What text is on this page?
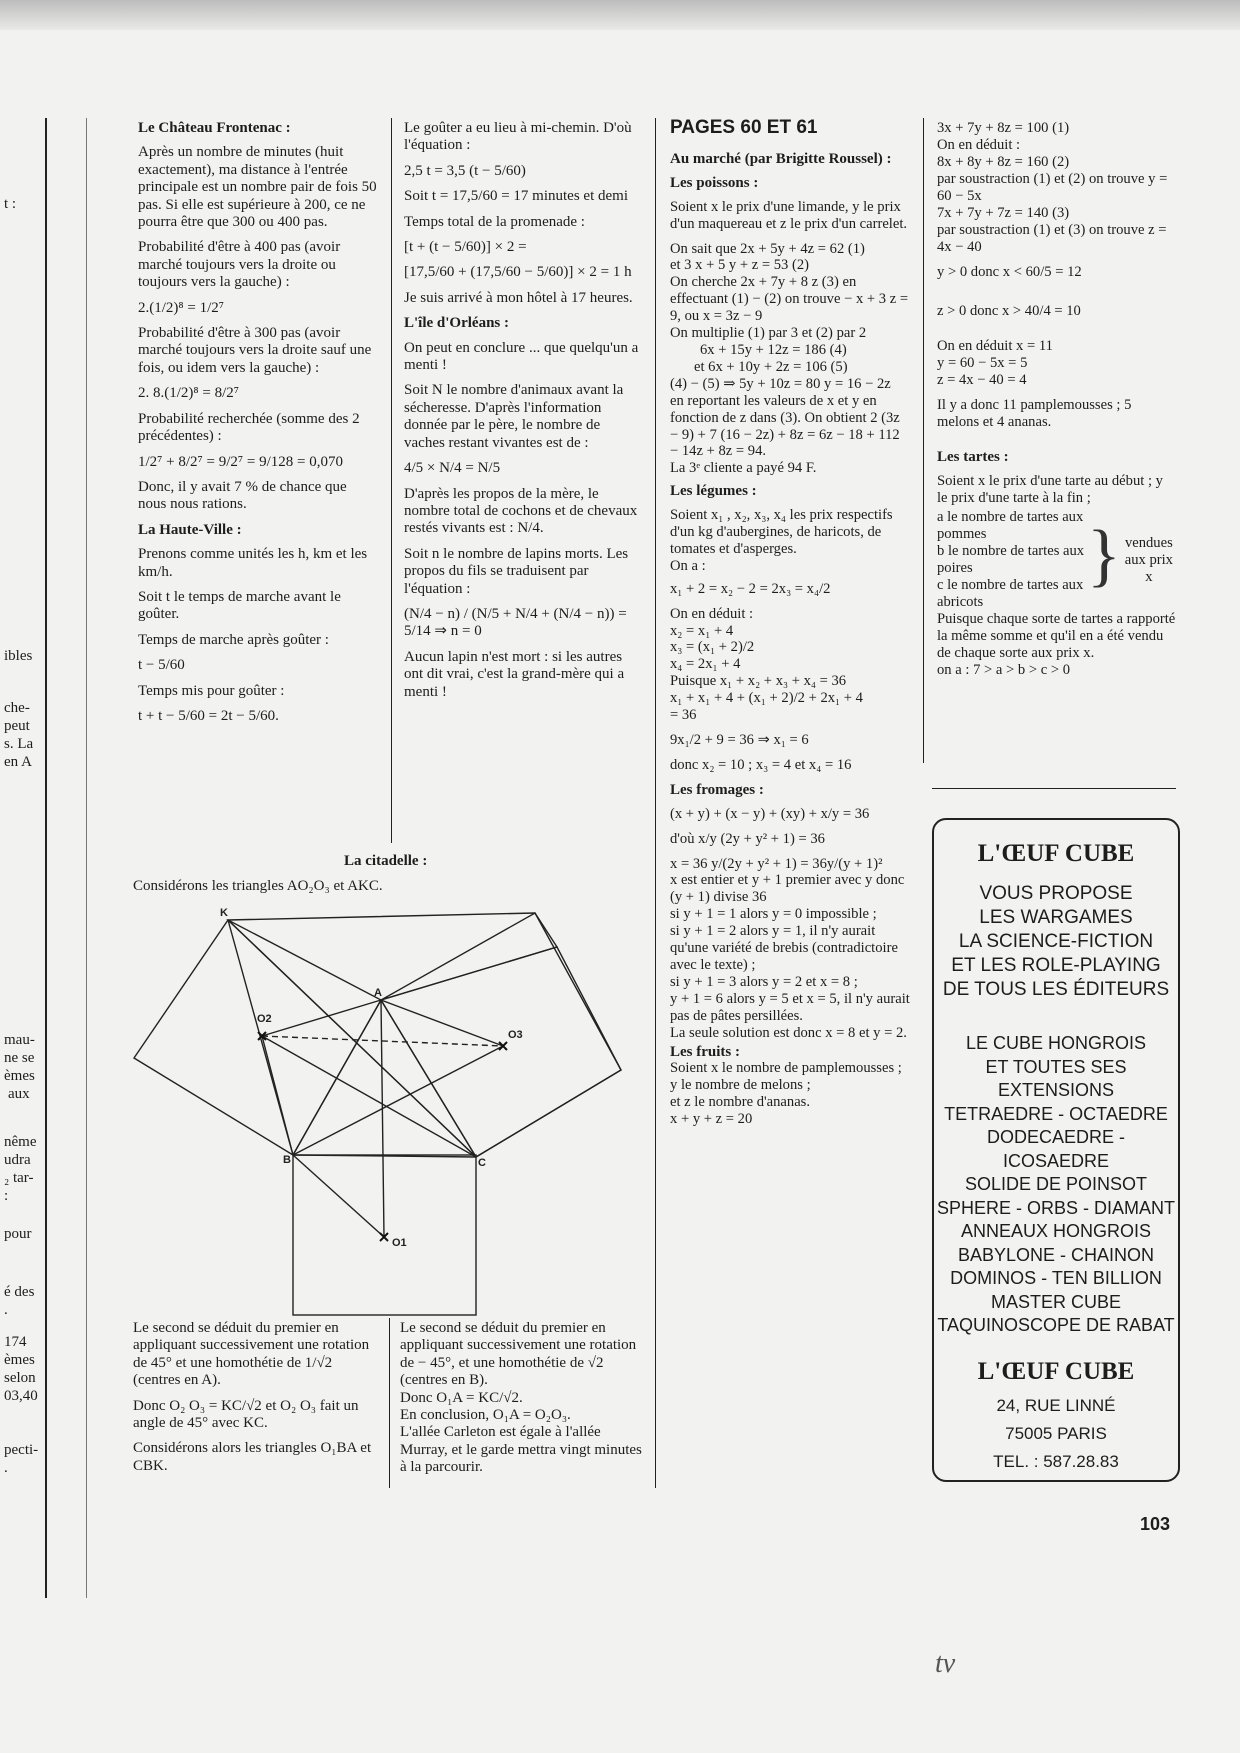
t :
ibles
che-
peut
s. La
en A
mau-
ne se
èmes
aux
nême
udra
₂ tar-
:
pour
é des
.
174
èmes
selon
03,40
pecti-
.
Le Château Frontenac :

Après un nombre de minutes (huit exactement), ma distance à l'entrée principale est un nombre pair de fois 50 pas. Si elle est supérieure à 200, ce ne pourra être que 300 ou 400 pas.

Probabilité d'être à 400 pas (avoir marché toujours vers la droite ou toujours vers la gauche) :

2.(1/2)⁸ = 1/2⁷

Probabilité d'être à 300 pas (avoir marché toujours vers la droite sauf une fois, ou idem vers la gauche) :

2. 8.(1/2)⁸ = 8/2⁷

Probabilité recherchée (somme des 2 précédentes) :

1/2⁷ + 8/2⁷ = 9/2⁷ = 9/128 = 0,070

Donc, il y avait 7 % de chance que nous nous rations.

La Haute-Ville :

Prenons comme unités les h, km et les km/h.

Soit t le temps de marche avant le goûter.

Temps de marche après goûter :

t − 5/60

Temps mis pour goûter :

t + t − 5/60 = 2t − 5/60.

Le goûter a eu lieu à mi-chemin. D'où l'équation :

2,5 t = 3,5 (t − 5/60)

Soit t = 17,5/60 = 17 minutes et demi

Temps total de la promenade :

[t + (t − 5/60)] × 2 =

[17,5/60 + (17,5/60 − 5/60)] × 2 = 1 h

Je suis arrivé à mon hôtel à 17 heures.

L'île d'Orléans :

On peut en conclure ... que quelqu'un a menti !

Soit N le nombre d'animaux avant la sécheresse. D'après l'information donnée par le père, le nombre de vaches restant vivantes est de :

4/5 × N/4 = N/5

D'après les propos de la mère, le nombre total de cochons et de chevaux restés vivants est : N/4.

Soit n le nombre de lapins morts. Les propos du fils se traduisent par l'équation :

(N/4 − n) / (N/5 + N/4 + (N/4 − n)) = 5/14 ⇒ n = 0

Aucun lapin n'est mort : si les autres ont dit vrai, c'est la grand-mère qui a menti !

La citadelle :
Considérons les triangles AO₂O₃ et AKC.
K
A
O2
O3
B	C
O1

Le second se déduit du premier en appliquant successivement une rotation de 45° et une homothétie de 1/√2 (centres en A).

Donc O₂ O₃ = KC/√2 et O₂ O₃ fait un angle de 45° avec KC.

Considérons alors les triangles O₁BA et CBK.

Le second se déduit du premier en appliquant successivement une rotation de − 45°, et une homothétie de √2 (centres en B).

Donc O₁A = KC/√2.

En conclusion, O₁A = O₂O₃.

L'allée Carleton est égale à l'allée Murray, et le garde mettra vingt minutes à la parcourir.

PAGES 60 ET 61
Au marché (par Brigitte Roussel) :
Les poissons :

Soient x le prix d'une limande, y le prix d'un maquereau et z le prix d'un carrelet.

On sait que 2x + 5y + 4z = 62 (1)

et 3 x + 5 y + z = 53 (2)

On cherche 2x + 7y + 8 z (3) en effectuant (1) − (2) on trouve − x + 3 z = 9, ou x = 3z − 9

On multiplie (1) par 3 et (2) par 2

6x + 15y + 12z = 186 (4)

et 6x + 10y + 2z = 106 (5)

(4) − (5) ⇒ 5y + 10z = 80 y = 16 − 2z

en reportant les valeurs de x et y en fonction de z dans (3). On obtient 2 (3z − 9) + 7 (16 − 2z) + 8z = 6z − 18 + 112 − 14z + 8z = 94.

La 3ᵉ cliente a payé 94 F.

Les légumes :

Soient x₁ , x₂, x₃, x₄ les prix respectifs d'un kg d'aubergines, de haricots, de tomates et d'asperges.

On a :

x₁ + 2 = x₂ − 2 = 2x₃ = x₄/2

On en déduit :

x₂ = x₁ + 4

x₃ = (x₁ + 2)/2

x₄ = 2x₁ + 4

Puisque x₁ + x₂ + x₃ + x₄ = 36

x₁ + x₁ + 4 + (x₁ + 2)/2 + 2x₁ + 4

= 36

9x₁/2 + 9 = 36 ⇒ x₁ = 6

donc x₂ = 10 ; x₃ = 4 et x₄ = 16

Les fromages :

(x + y) + (x − y) + (xy) + x/y = 36

d'où x/y (2y + y² + 1) = 36

x = 36 y/(2y + y² + 1) = 36y/(y + 1)²

x est entier et y + 1 premier avec y donc (y + 1) divise 36

si y + 1 = 1 alors y = 0 impossible ;

si y + 1 = 2 alors y = 1, il n'y aurait qu'une variété de brebis (contradictoire avec le texte) ;

si y + 1 = 3 alors y = 2 et x = 8 ;

y + 1 = 6 alors y = 5 et x = 5, il n'y aurait pas de pâtes persillées.

La seule solution est donc x = 8 et y = 2.

Les fruits :

Soient x le nombre de pamplemousses ;

y le nombre de melons ;

et z le nombre d'ananas.

x + y + z = 20

3x + 7y + 8z = 100 (1)

On en déduit :

8x + 8y + 8z = 160 (2)

par soustraction (1) et (2) on trouve y = 60 − 5x

7x + 7y + 7z = 140 (3)

par soustraction (1) et (3) on trouve z = 4x − 40

y > 0 donc x < 60/5 = 12

z > 0 donc x > 40/4 = 10

On en déduit x = 11

y = 60 − 5x = 5

z = 4x − 40 = 4

Il y a donc 11 pamplemousses ; 5 melons et 4 ananas.

Les tartes :

Soient x le prix d'une tarte au début ; y le prix d'une tarte à la fin ;

a le nombre de tartes aux pommes
b le nombre de tartes aux poires
c le nombre de tartes aux abricots
} vendues aux prix x

Puisque chaque sorte de tartes a rapporté la même somme et qu'il en a été vendu de chaque sorte aux prix x.

on a : 7 > a > b > c > 0

L'ŒUF CUBE
VOUS PROPOSE
LES WARGAMES
LA SCIENCE-FICTION
ET LES ROLE-PLAYING
DE TOUS LES ÉDITEURS
LE CUBE HONGROIS
ET TOUTES SES EXTENSIONS
TETRAEDRE - OCTAEDRE
DODECAEDRE - ICOSAEDRE
SOLIDE DE POINSOT
SPHERE - ORBS - DIAMANT
ANNEAUX HONGROIS
BABYLONE - CHAINON
DOMINOS - TEN BILLION
MASTER CUBE
TAQUINOSCOPE DE RABAT
L'ŒUF CUBE
24, RUE LINNÉ
75005 PARIS
TEL. : 587.28.83
103
tv
